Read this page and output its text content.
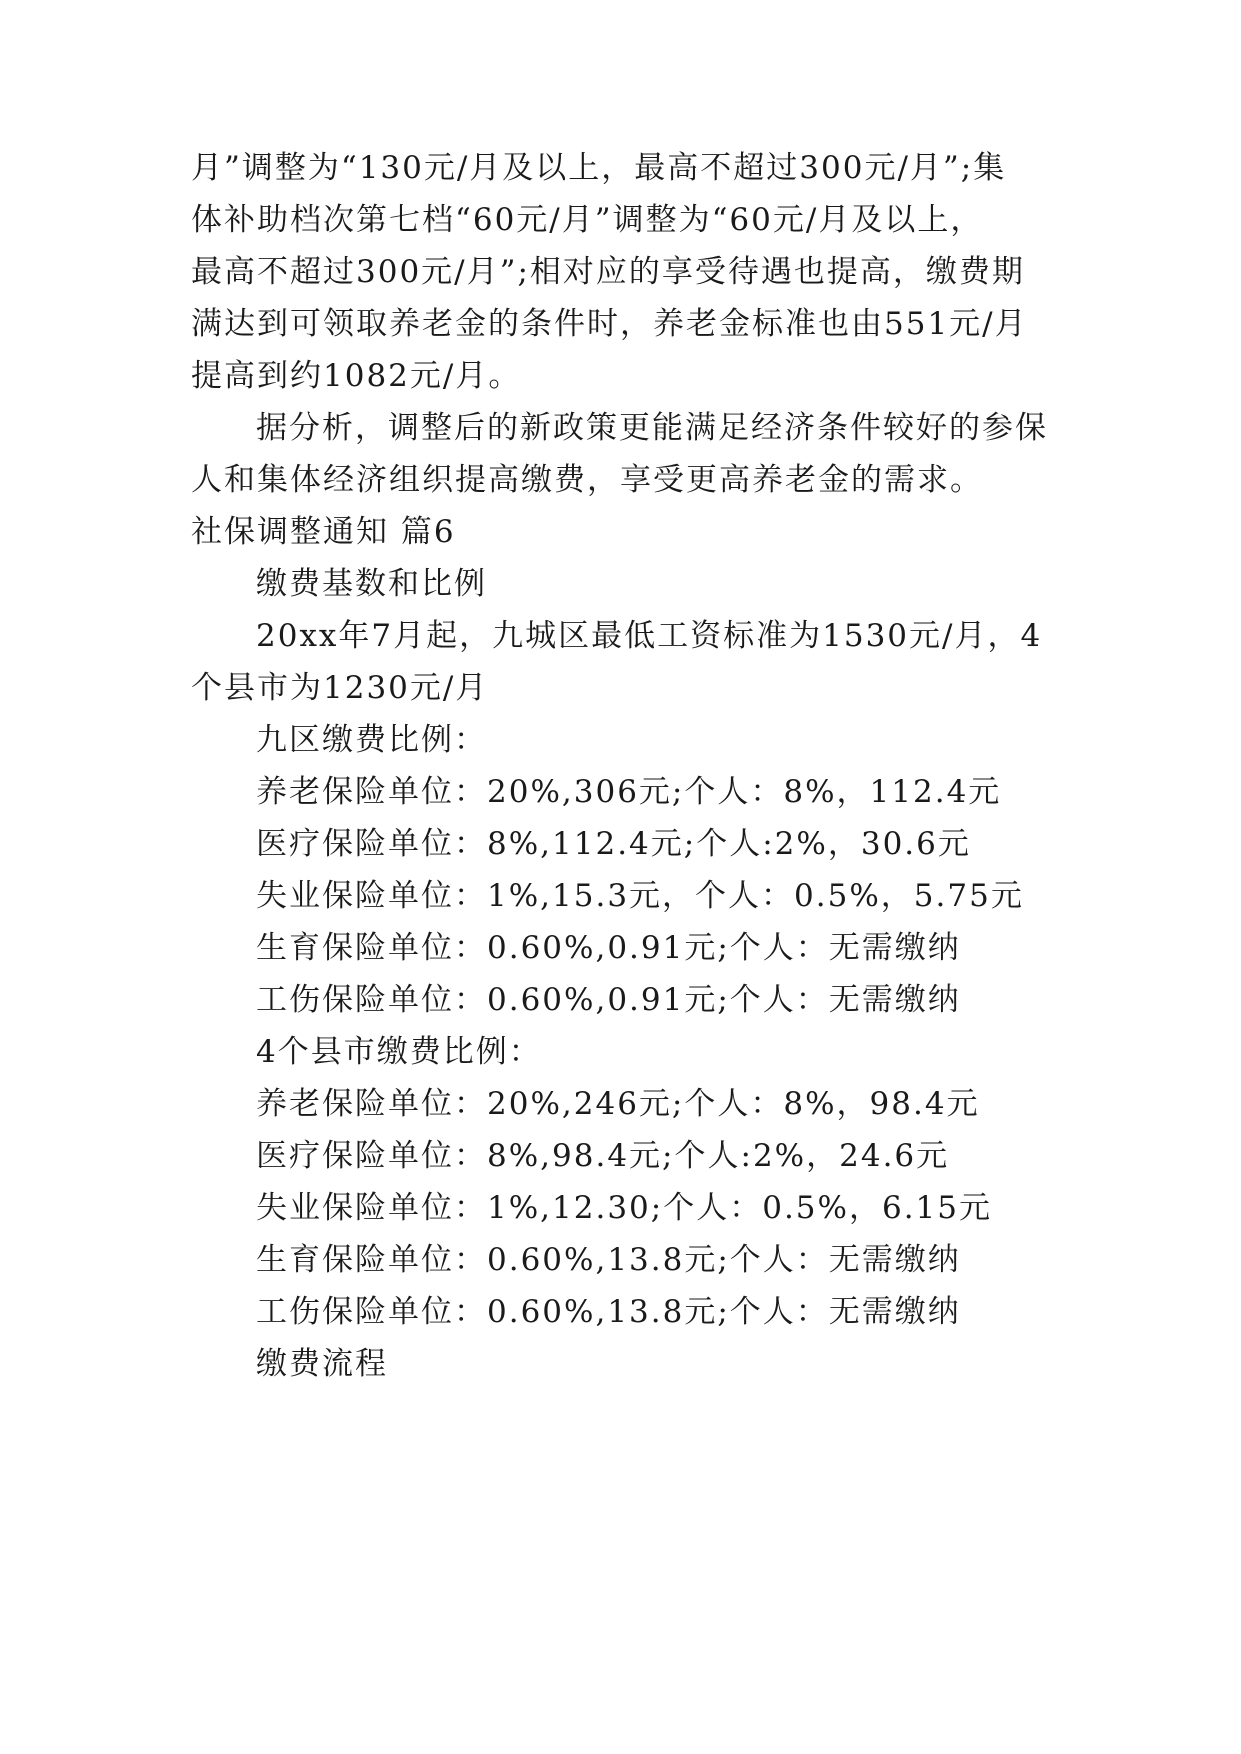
月”调整为“130元/月及以上，最高不超过300元/月”;集
体补助档次第七档“60元/月”调整为“60元/月及以上，
最高不超过300元/月”;相对应的享受待遇也提高，缴费期
满达到可领取养老金的条件时，养老金标准也由551元/月
提高到约1082元/月。
据分析，调整后的新政策更能满足经济条件较好的参保
人和集体经济组织提高缴费，享受更高养老金的需求。
社保调整通知 篇6
缴费基数和比例
20xx年7月起，九城区最低工资标准为1530元/月，4
个县市为1230元/月
九区缴费比例：
养老保险单位：20%,306元;个人：8%，112.4元
医疗保险单位：8%,112.4元;个人:2%，30.6元
失业保险单位：1%,15.3元，个人：0.5%，5.75元
生育保险单位：0.60%,0.91元;个人：无需缴纳
工伤保险单位：0.60%,0.91元;个人：无需缴纳
4个县市缴费比例：
养老保险单位：20%,246元;个人：8%，98.4元
医疗保险单位：8%,98.4元;个人:2%，24.6元
失业保险单位：1%,12.30;个人：0.5%，6.15元
生育保险单位：0.60%,13.8元;个人：无需缴纳
工伤保险单位：0.60%,13.8元;个人：无需缴纳
缴费流程
